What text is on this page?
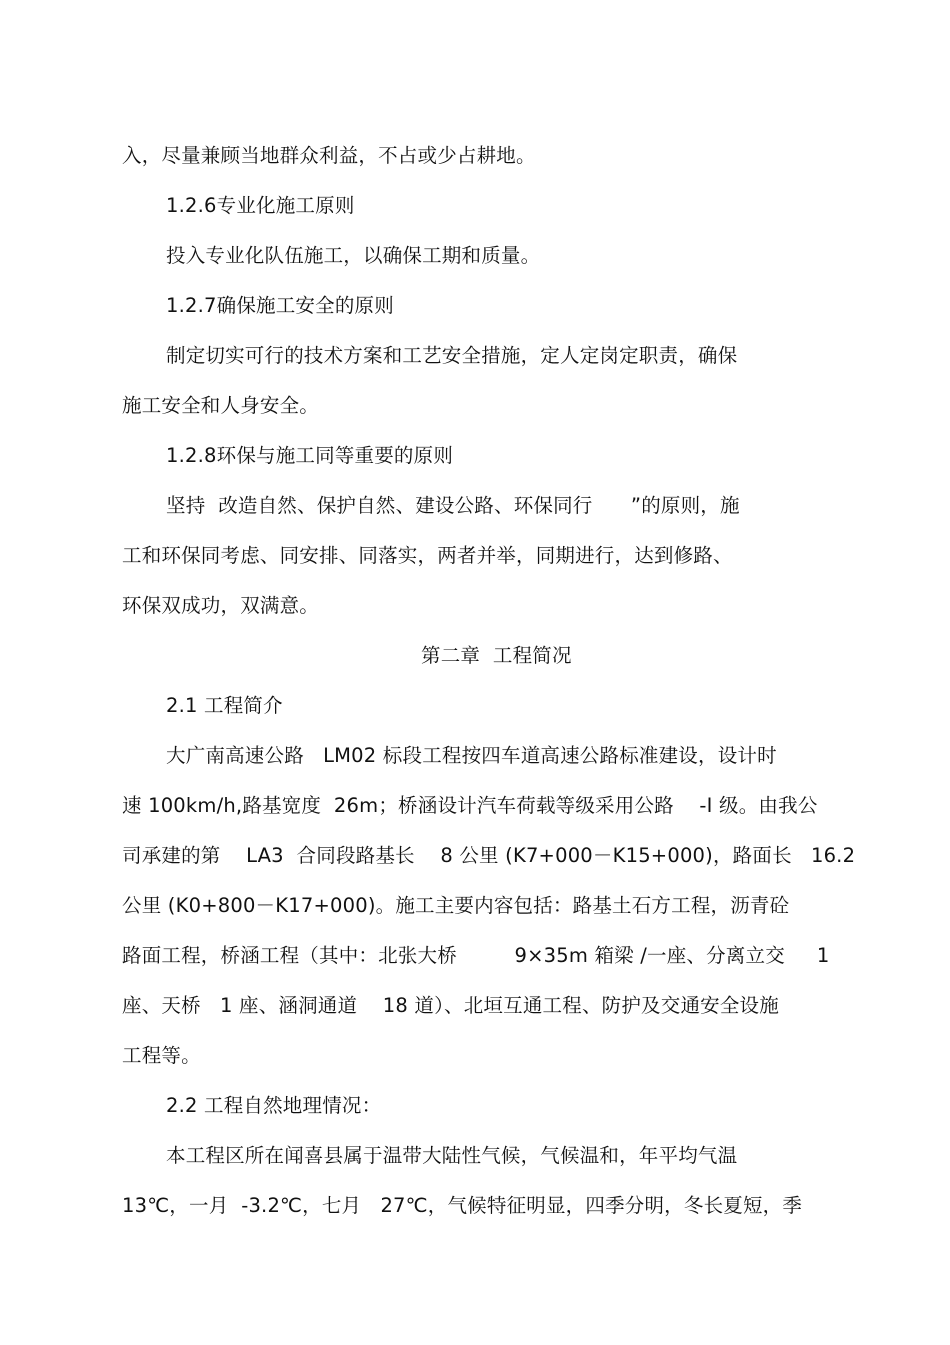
入，尽量兼顾当地群众利益，不占或少占耕地。
1.2.6专业化施工原则
投入专业化队伍施工，以确保工期和质量。
1.2.7确保施工安全的原则
制定切实可行的技术方案和工艺安全措施，定人定岗定职责，确保
施工安全和人身安全。
1.2.8环保与施工同等重要的原则
坚持  改造自然、保护自然、建设公路、环保同行      ”的原则，施
工和环保同考虑、同安排、同落实，两者并举，同期进行，达到修路、
环保双成功，双满意。
第二章  工程简况
2.1 工程简介
大广南高速公路   LM02 标段工程按四车道高速公路标准建设，设计时
速 100km/h,路基宽度  26m；桥涵设计汽车荷载等级采用公路    -I 级。由我公
司承建的第    LA3  合同段路基长    8 公里 (K7+000－K15+000)，路面长   16.2
公里 (K0+800－K17+000)。施工主要内容包括：路基土石方工程，沥青砼
路面工程，桥涵工程（其中：北张大桥         9×35m 箱梁 /一座、分离立交     1
座、天桥   1 座、涵洞通道    18 道）、北垣互通工程、防护及交通安全设施
工程等。
2.2 工程自然地理情况：
本工程区所在闻喜县属于温带大陆性气候，气候温和，年平均气温
13℃，一月  -3.2℃，七月   27℃，气候特征明显，四季分明，冬长夏短，季
